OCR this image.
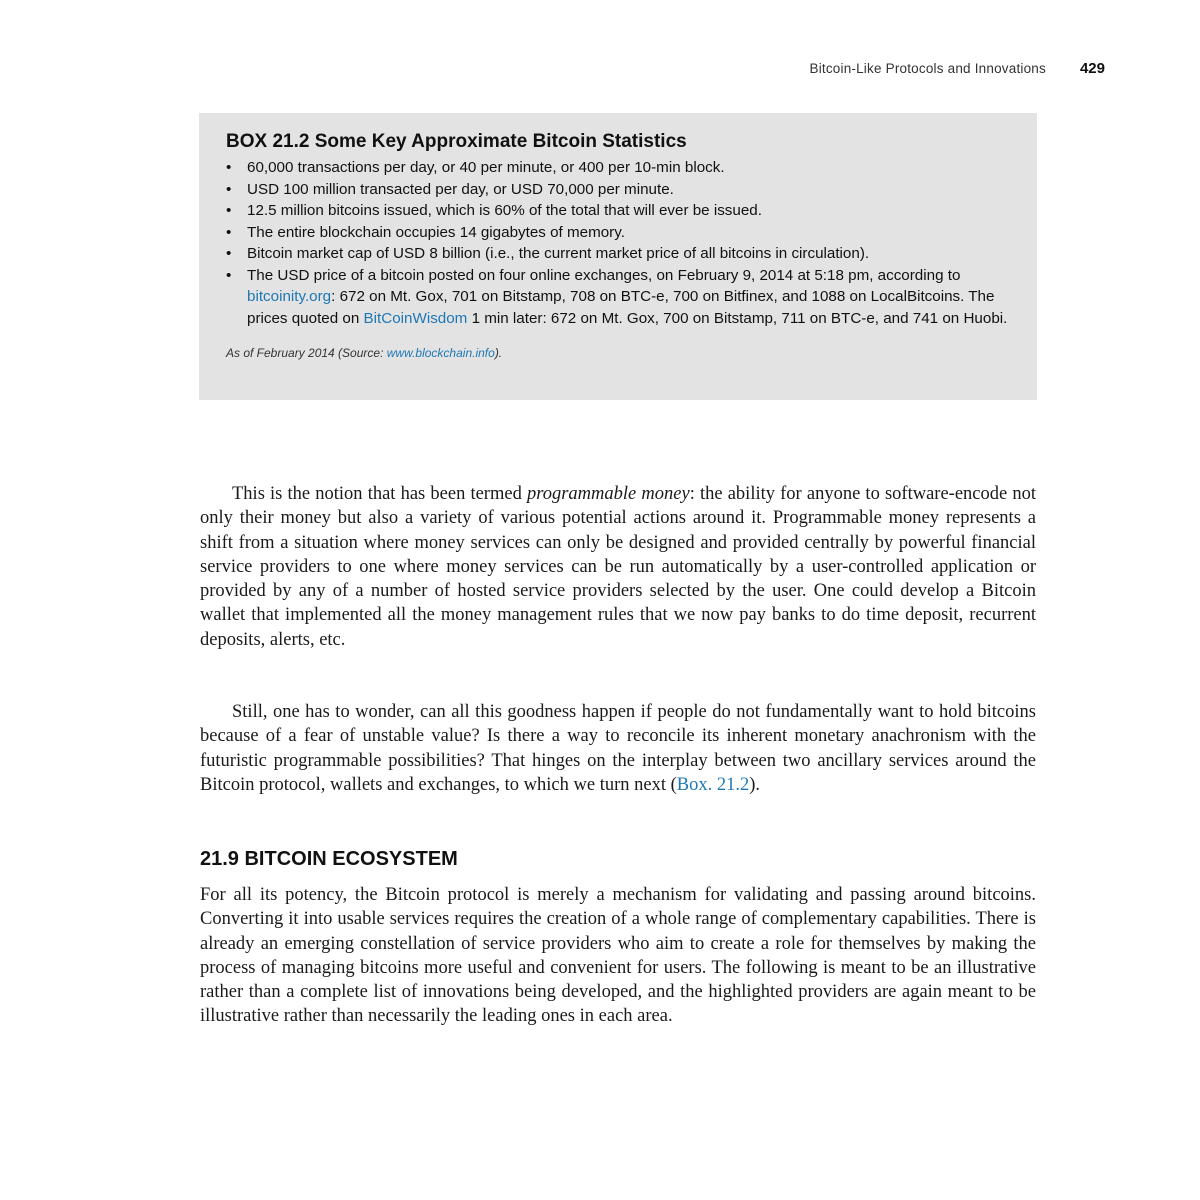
Bitcoin-Like Protocols and Innovations 429
BOX 21.2 Some Key Approximate Bitcoin Statistics
• 60,000 transactions per day, or 40 per minute, or 400 per 10-min block.
• USD 100 million transacted per day, or USD 70,000 per minute.
• 12.5 million bitcoins issued, which is 60% of the total that will ever be issued.
• The entire blockchain occupies 14 gigabytes of memory.
• Bitcoin market cap of USD 8 billion (i.e., the current market price of all bitcoins in circulation).
• The USD price of a bitcoin posted on four online exchanges, on February 9, 2014 at 5:18 pm, according to bitcoinity.org: 672 on Mt. Gox, 701 on Bitstamp, 708 on BTC-e, 700 on Bitfinex, and 1088 on LocalBitcoins. The prices quoted on BitCoinWisdom 1 min later: 672 on Mt. Gox, 700 on Bitstamp, 711 on BTC-e, and 741 on Huobi.
As of February 2014 (Source: www.blockchain.info).

This is the notion that has been termed programmable money: the ability for anyone to software-encode not only their money but also a variety of various potential actions around it. Programmable money represents a shift from a situation where money services can only be designed and provided centrally by powerful financial service providers to one where money services can be run automatically by a user-controlled application or provided by any of a number of hosted service providers selected by the user. One could develop a Bitcoin wallet that implemented all the money management rules that we now pay banks to do time deposit, recurrent deposits, alerts, etc.

Still, one has to wonder, can all this goodness happen if people do not fundamentally want to hold bitcoins because of a fear of unstable value? Is there a way to reconcile its inherent monetary anachronism with the futuristic programmable possibilities? That hinges on the interplay between two ancillary services around the Bitcoin protocol, wallets and exchanges, to which we turn next (Box. 21.2).

21.9 BITCOIN ECOSYSTEM

For all its potency, the Bitcoin protocol is merely a mechanism for validating and passing around bitcoins. Converting it into usable services requires the creation of a whole range of complementary capabilities. There is already an emerging constellation of service providers who aim to create a role for themselves by making the process of managing bitcoins more useful and convenient for users. The following is meant to be an illustrative rather than a complete list of innovations being developed, and the highlighted providers are again meant to be illustrative rather than necessarily the leading ones in each area.
